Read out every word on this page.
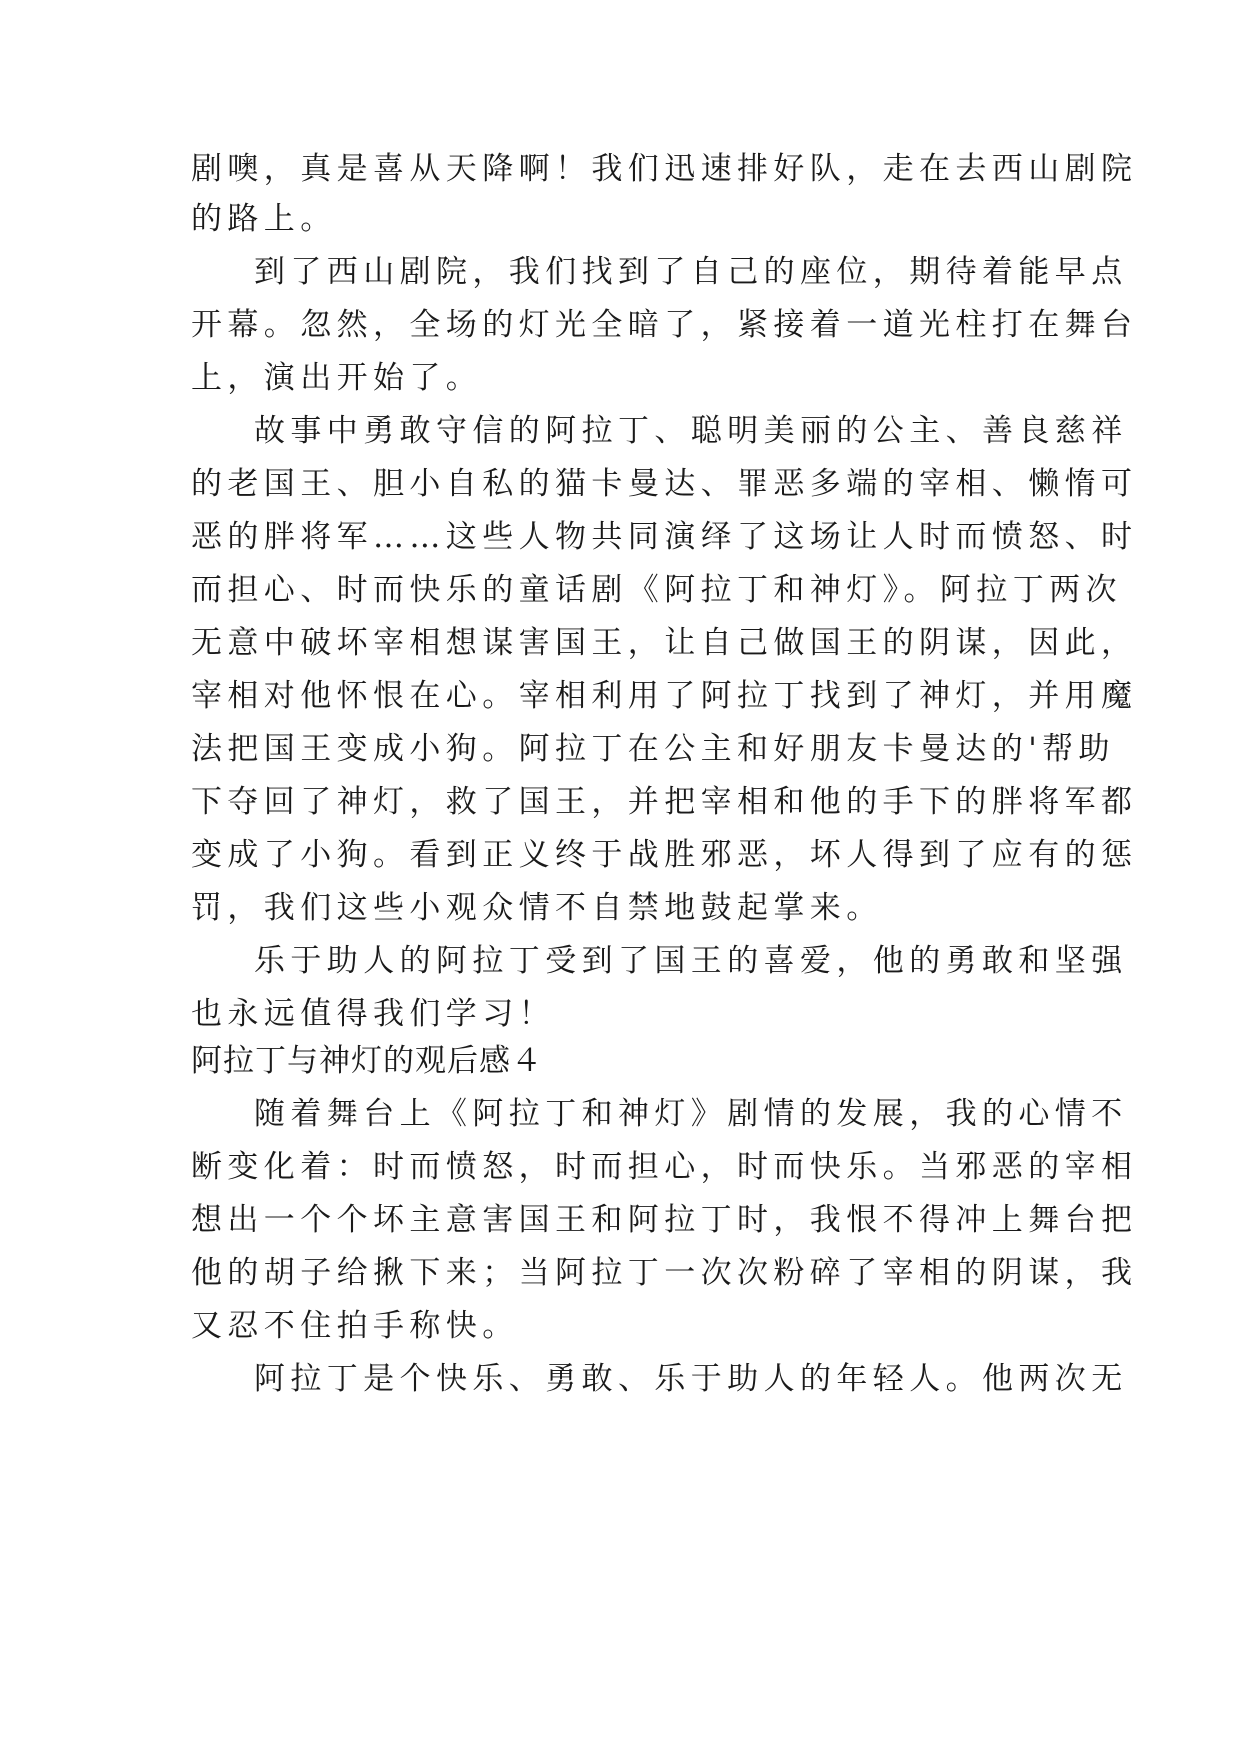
剧噢，真是喜从天降啊！我们迅速排好队，走在去西山剧院
的路上。
到了西山剧院，我们找到了自己的座位，期待着能早点
开幕。忽然，全场的灯光全暗了，紧接着一道光柱打在舞台
上，演出开始了。
故事中勇敢守信的阿拉丁、聪明美丽的公主、善良慈祥
的老国王、胆小自私的猫卡曼达、罪恶多端的宰相、懒惰可
恶的胖将军……这些人物共同演绎了这场让人时而愤怒、时
而担心、时而快乐的童话剧《阿拉丁和神灯》。阿拉丁两次
无意中破坏宰相想谋害国王，让自己做国王的阴谋，因此，
宰相对他怀恨在心。宰相利用了阿拉丁找到了神灯，并用魔
法把国王变成小狗。阿拉丁在公主和好朋友卡曼达的'帮助
下夺回了神灯，救了国王，并把宰相和他的手下的胖将军都
变成了小狗。看到正义终于战胜邪恶，坏人得到了应有的惩
罚，我们这些小观众情不自禁地鼓起掌来。
乐于助人的阿拉丁受到了国王的喜爱，他的勇敢和坚强
也永远值得我们学习！
阿拉丁与神灯的观后感４
随着舞台上《阿拉丁和神灯》剧情的发展，我的心情不
断变化着：时而愤怒，时而担心，时而快乐。当邪恶的宰相
想出一个个坏主意害国王和阿拉丁时，我恨不得冲上舞台把
他的胡子给揪下来；当阿拉丁一次次粉碎了宰相的阴谋，我
又忍不住拍手称快。
阿拉丁是个快乐、勇敢、乐于助人的年轻人。他两次无
